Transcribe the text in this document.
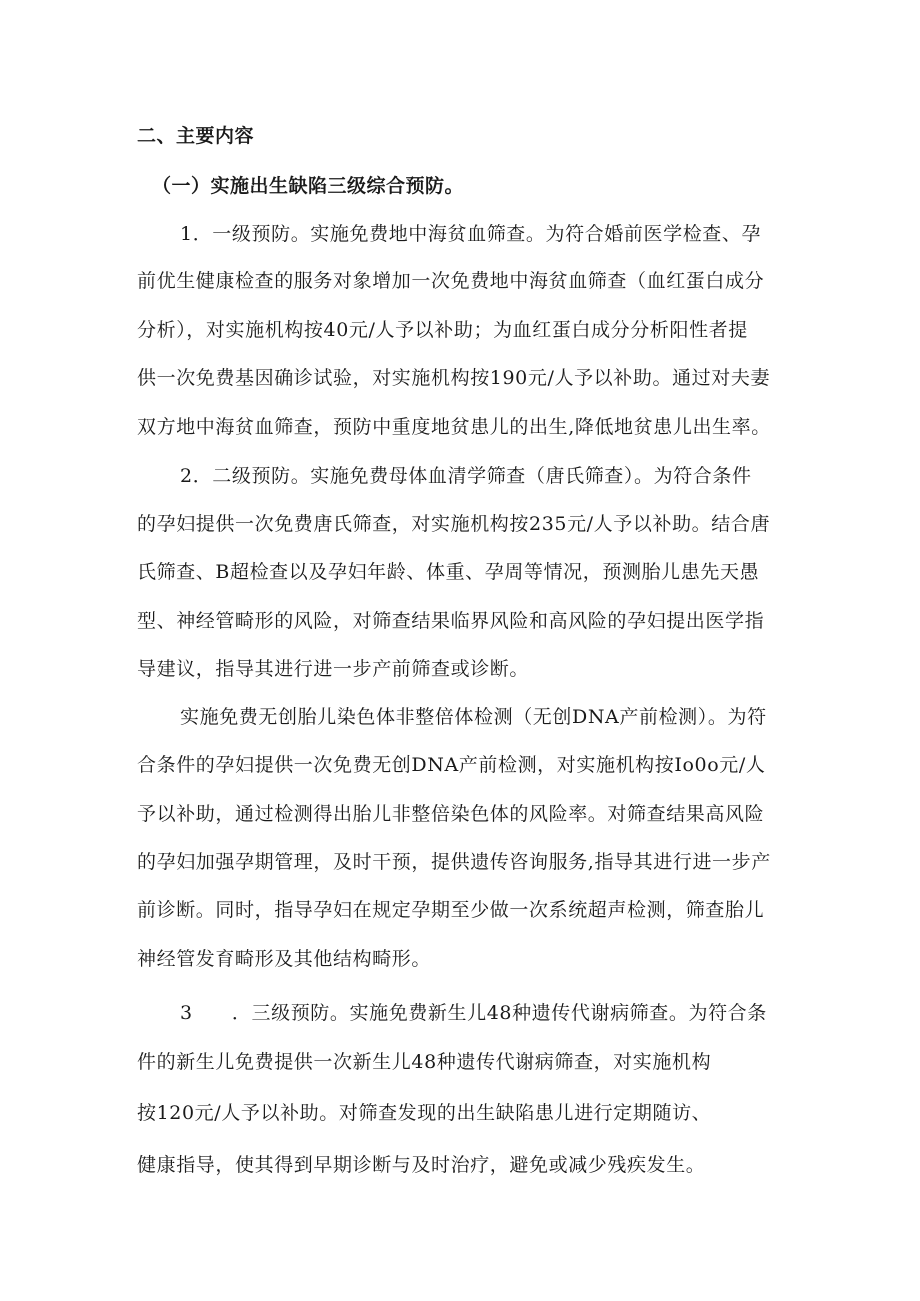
二、主要内容
（一）实施出生缺陷三级综合预防。
1．一级预防。实施免费地中海贫血筛查。为符合婚前医学检查、孕
前优生健康检查的服务对象增加一次免费地中海贫血筛查（血红蛋白成分
分析），对实施机构按40元/人予以补助；为血红蛋白成分分析阳性者提
供一次免费基因确诊试验，对实施机构按190元/人予以补助。通过对夫妻
双方地中海贫血筛查，预防中重度地贫患儿的出生,降低地贫患儿出生率。
2．二级预防。实施免费母体血清学筛查（唐氏筛查）。为符合条件
的孕妇提供一次免费唐氏筛查，对实施机构按235元/人予以补助。结合唐
氏筛查、B超检查以及孕妇年龄、体重、孕周等情况，预测胎儿患先天愚
型、神经管畸形的风险，对筛查结果临界风险和高风险的孕妇提出医学指
导建议，指导其进行进一步产前筛查或诊断。
实施免费无创胎儿染色体非整倍体检测（无创DNA产前检测）。为符
合条件的孕妇提供一次免费无创DNA产前检测，对实施机构按Io0o元/人
予以补助，通过检测得出胎儿非整倍染色体的风险率。对筛查结果高风险
的孕妇加强孕期管理，及时干预，提供遗传咨询服务,指导其进行进一步产
前诊断。同时，指导孕妇在规定孕期至少做一次系统超声检测，筛查胎儿
神经管发育畸形及其他结构畸形。
3　　．三级预防。实施免费新生儿48种遗传代谢病筛查。为符合条
件的新生儿免费提供一次新生儿48种遗传代谢病筛查，对实施机构
按120元/人予以补助。对筛查发现的出生缺陷患儿进行定期随访、
健康指导，使其得到早期诊断与及时治疗，避免或减少残疾发生。
